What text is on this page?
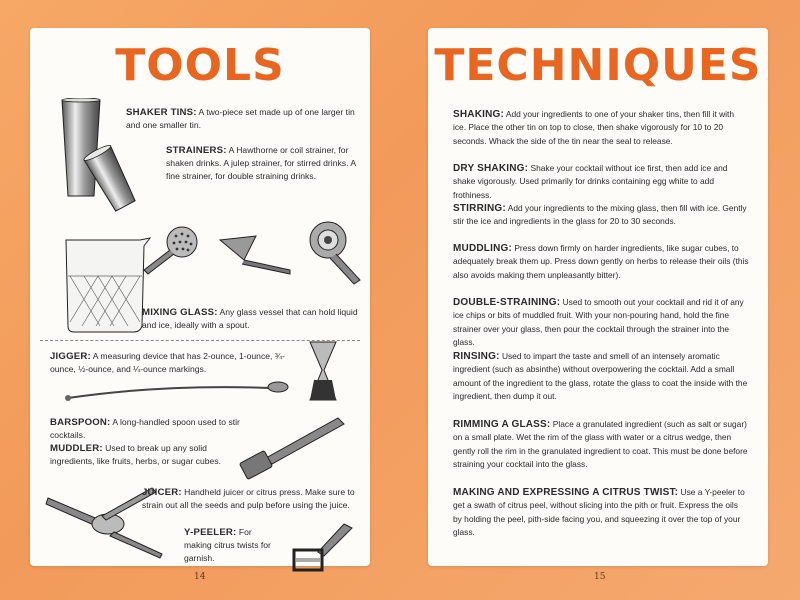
TOOLS
SHAKER TINS: A two-piece set made up of one larger tin and one smaller tin.
STRAINERS: A Hawthorne or coil strainer, for shaken drinks. A julep strainer, for stirred drinks. A fine strainer, for double straining drinks.
MIXING GLASS: Any glass vessel that can hold liquid and ice, ideally with a spout.
JIGGER: A measuring device that has 2-ounce, 1-ounce, ¾-ounce, ½-ounce, and ¼-ounce markings.
BARSPOON: A long-handled spoon used to stir cocktails.
MUDDLER: Used to break up any solid ingredients, like fruits, herbs, or sugar cubes.
JUICER: Handheld juicer or citrus press. Make sure to strain out all the seeds and pulp before using the juice.
Y-PEELER: For making citrus twists for garnish.
14
TECHNIQUES
SHAKING: Add your ingredients to one of your shaker tins, then fill it with ice. Place the other tin on top to close, then shake vigorously for 10 to 20 seconds. Whack the side of the tin near the seal to release.
DRY SHAKING: Shake your cocktail without ice first, then add ice and shake vigorously. Used primarily for drinks containing egg white to add frothiness.
STIRRING: Add your ingredients to the mixing glass, then fill with ice. Gently stir the ice and ingredients in the glass for 20 to 30 seconds.
MUDDLING: Press down firmly on harder ingredients, like sugar cubes, to adequately break them up. Press down gently on herbs to release their oils (this also avoids making them unpleasantly bitter).
DOUBLE-STRAINING: Used to smooth out your cocktail and rid it of any ice chips or bits of muddled fruit. With your non-pouring hand, hold the fine strainer over your glass, then pour the cocktail through the strainer into the glass.
RINSING: Used to impart the taste and smell of an intensely aromatic ingredient (such as absinthe) without overpowering the cocktail. Add a small amount of the ingredient to the glass, rotate the glass to coat the inside with the ingredient, then dump it out.
RIMMING A GLASS: Place a granulated ingredient (such as salt or sugar) on a small plate. Wet the rim of the glass with water or a citrus wedge, then gently roll the rim in the granulated ingredient to coat. This must be done before straining your cocktail into the glass.
MAKING AND EXPRESSING A CITRUS TWIST: Use a Y-peeler to get a swath of citrus peel, without slicing into the pith or fruit. Express the oils by holding the peel, pith-side facing you, and squeezing it over the top of your glass.
15
